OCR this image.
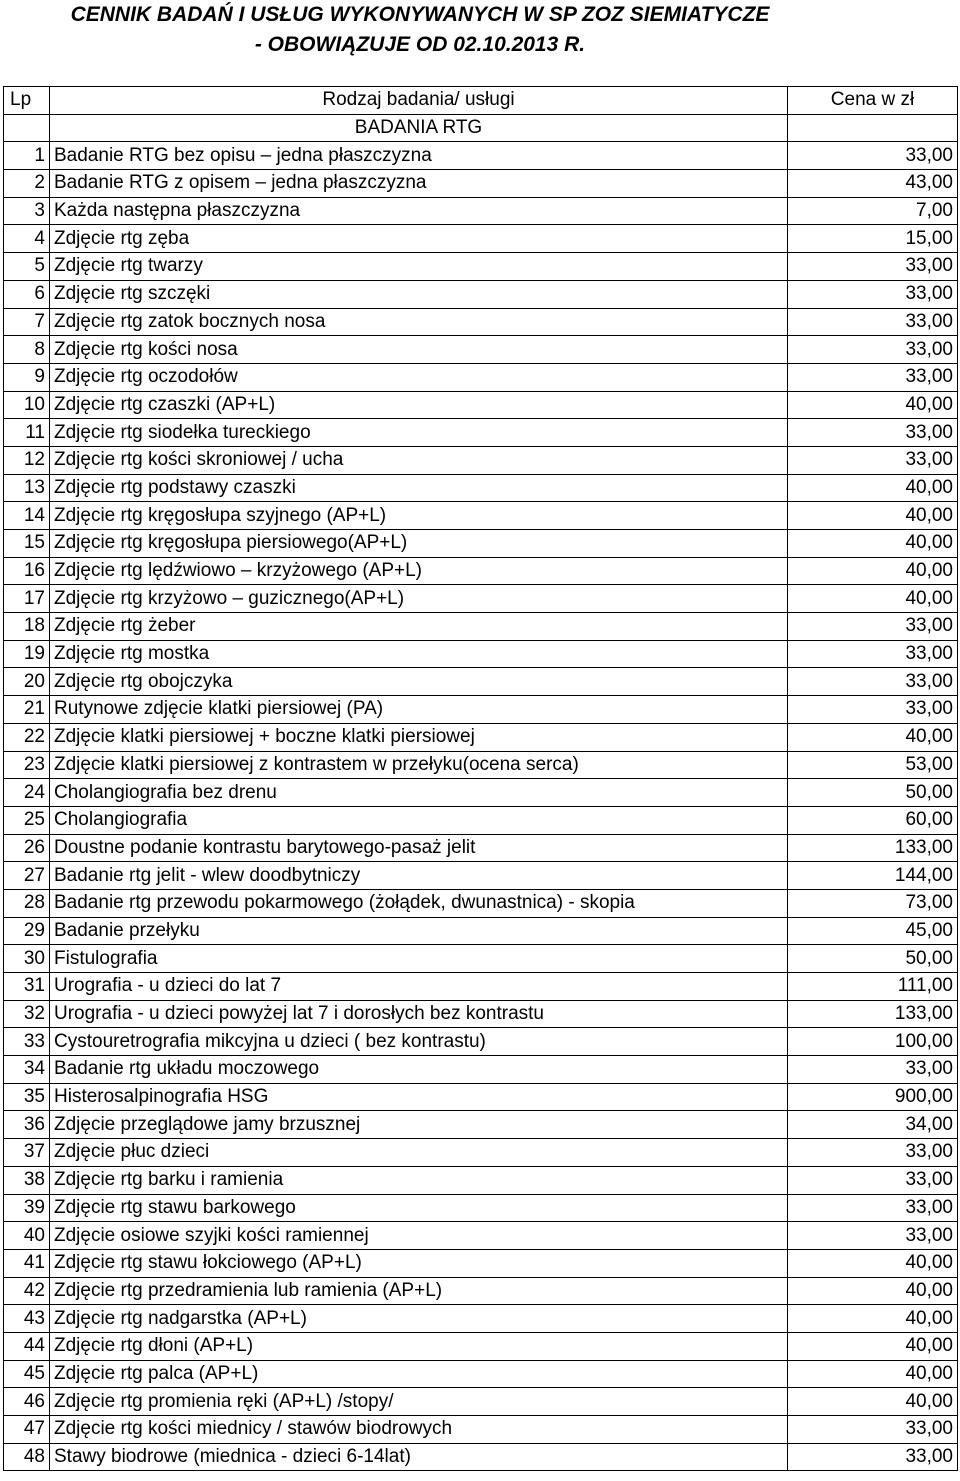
CENNIK BADAŃ I USŁUG WYKONYWANYCH W SP ZOZ SIEMIATYCZE
- OBOWIĄZUJE OD 02.10.2013 R.
Lp	Rodzaj badania/ usługi	Cena w zł
	BADANIA RTG	
1	Badanie RTG bez opisu – jedna płaszczyzna	33,00
2	Badanie RTG z opisem – jedna płaszczyzna	43,00
3	Każda następna płaszczyzna	7,00
4	Zdjęcie rtg zęba	15,00
5	Zdjęcie rtg twarzy	33,00
6	Zdjęcie rtg szczęki	33,00
7	Zdjęcie rtg zatok bocznych nosa	33,00
8	Zdjęcie rtg kości nosa	33,00
9	Zdjęcie rtg oczodołów	33,00
10	Zdjęcie rtg czaszki (AP+L)	40,00
11	Zdjęcie rtg siodełka tureckiego	33,00
12	Zdjęcie rtg kości skroniowej / ucha	33,00
13	Zdjęcie rtg podstawy czaszki	40,00
14	Zdjęcie rtg kręgosłupa szyjnego (AP+L)	40,00
15	Zdjęcie rtg kręgosłupa piersiowego(AP+L)	40,00
16	Zdjęcie rtg lędźwiowo – krzyżowego (AP+L)	40,00
17	Zdjęcie rtg krzyżowo – guzicznego(AP+L)	40,00
18	Zdjęcie rtg żeber	33,00
19	Zdjęcie rtg mostka	33,00
20	Zdjęcie rtg obojczyka	33,00
21	Rutynowe zdjęcie klatki piersiowej (PA)	33,00
22	Zdjęcie klatki piersiowej + boczne klatki piersiowej	40,00
23	Zdjęcie klatki piersiowej z kontrastem w przełyku(ocena serca)	53,00
24	Cholangiografia bez drenu	50,00
25	Cholangiografia	60,00
26	Doustne podanie kontrastu barytowego-pasaż jelit	133,00
27	Badanie rtg jelit - wlew doodbytniczy	144,00
28	Badanie rtg przewodu pokarmowego (żołądek, dwunastnica) - skopia	73,00
29	Badanie przełyku	45,00
30	Fistulografia	50,00
31	Urografia - u dzieci do lat 7	111,00
32	Urografia - u dzieci powyżej lat 7 i dorosłych bez kontrastu	133,00
33	Cystouretrografia mikcyjna u dzieci ( bez kontrastu)	100,00
34	Badanie rtg układu moczowego	33,00
35	Histerosalpinografia HSG	900,00
36	Zdjęcie przeglądowe jamy brzusznej	34,00
37	Zdjęcie płuc dzieci	33,00
38	Zdjęcie rtg barku i ramienia	33,00
39	Zdjęcie rtg stawu barkowego	33,00
40	Zdjęcie osiowe szyjki kości ramiennej	33,00
41	Zdjęcie rtg stawu łokciowego (AP+L)	40,00
42	Zdjęcie rtg przedramienia lub ramienia (AP+L)	40,00
43	Zdjęcie rtg nadgarstka (AP+L)	40,00
44	Zdjęcie rtg dłoni (AP+L)	40,00
45	Zdjęcie rtg palca (AP+L)	40,00
46	Zdjęcie rtg promienia ręki (AP+L) /stopy/	40,00
47	Zdjęcie rtg kości miednicy / stawów biodrowych	33,00
48	Stawy biodrowe (miednica - dzieci 6-14lat)	33,00
